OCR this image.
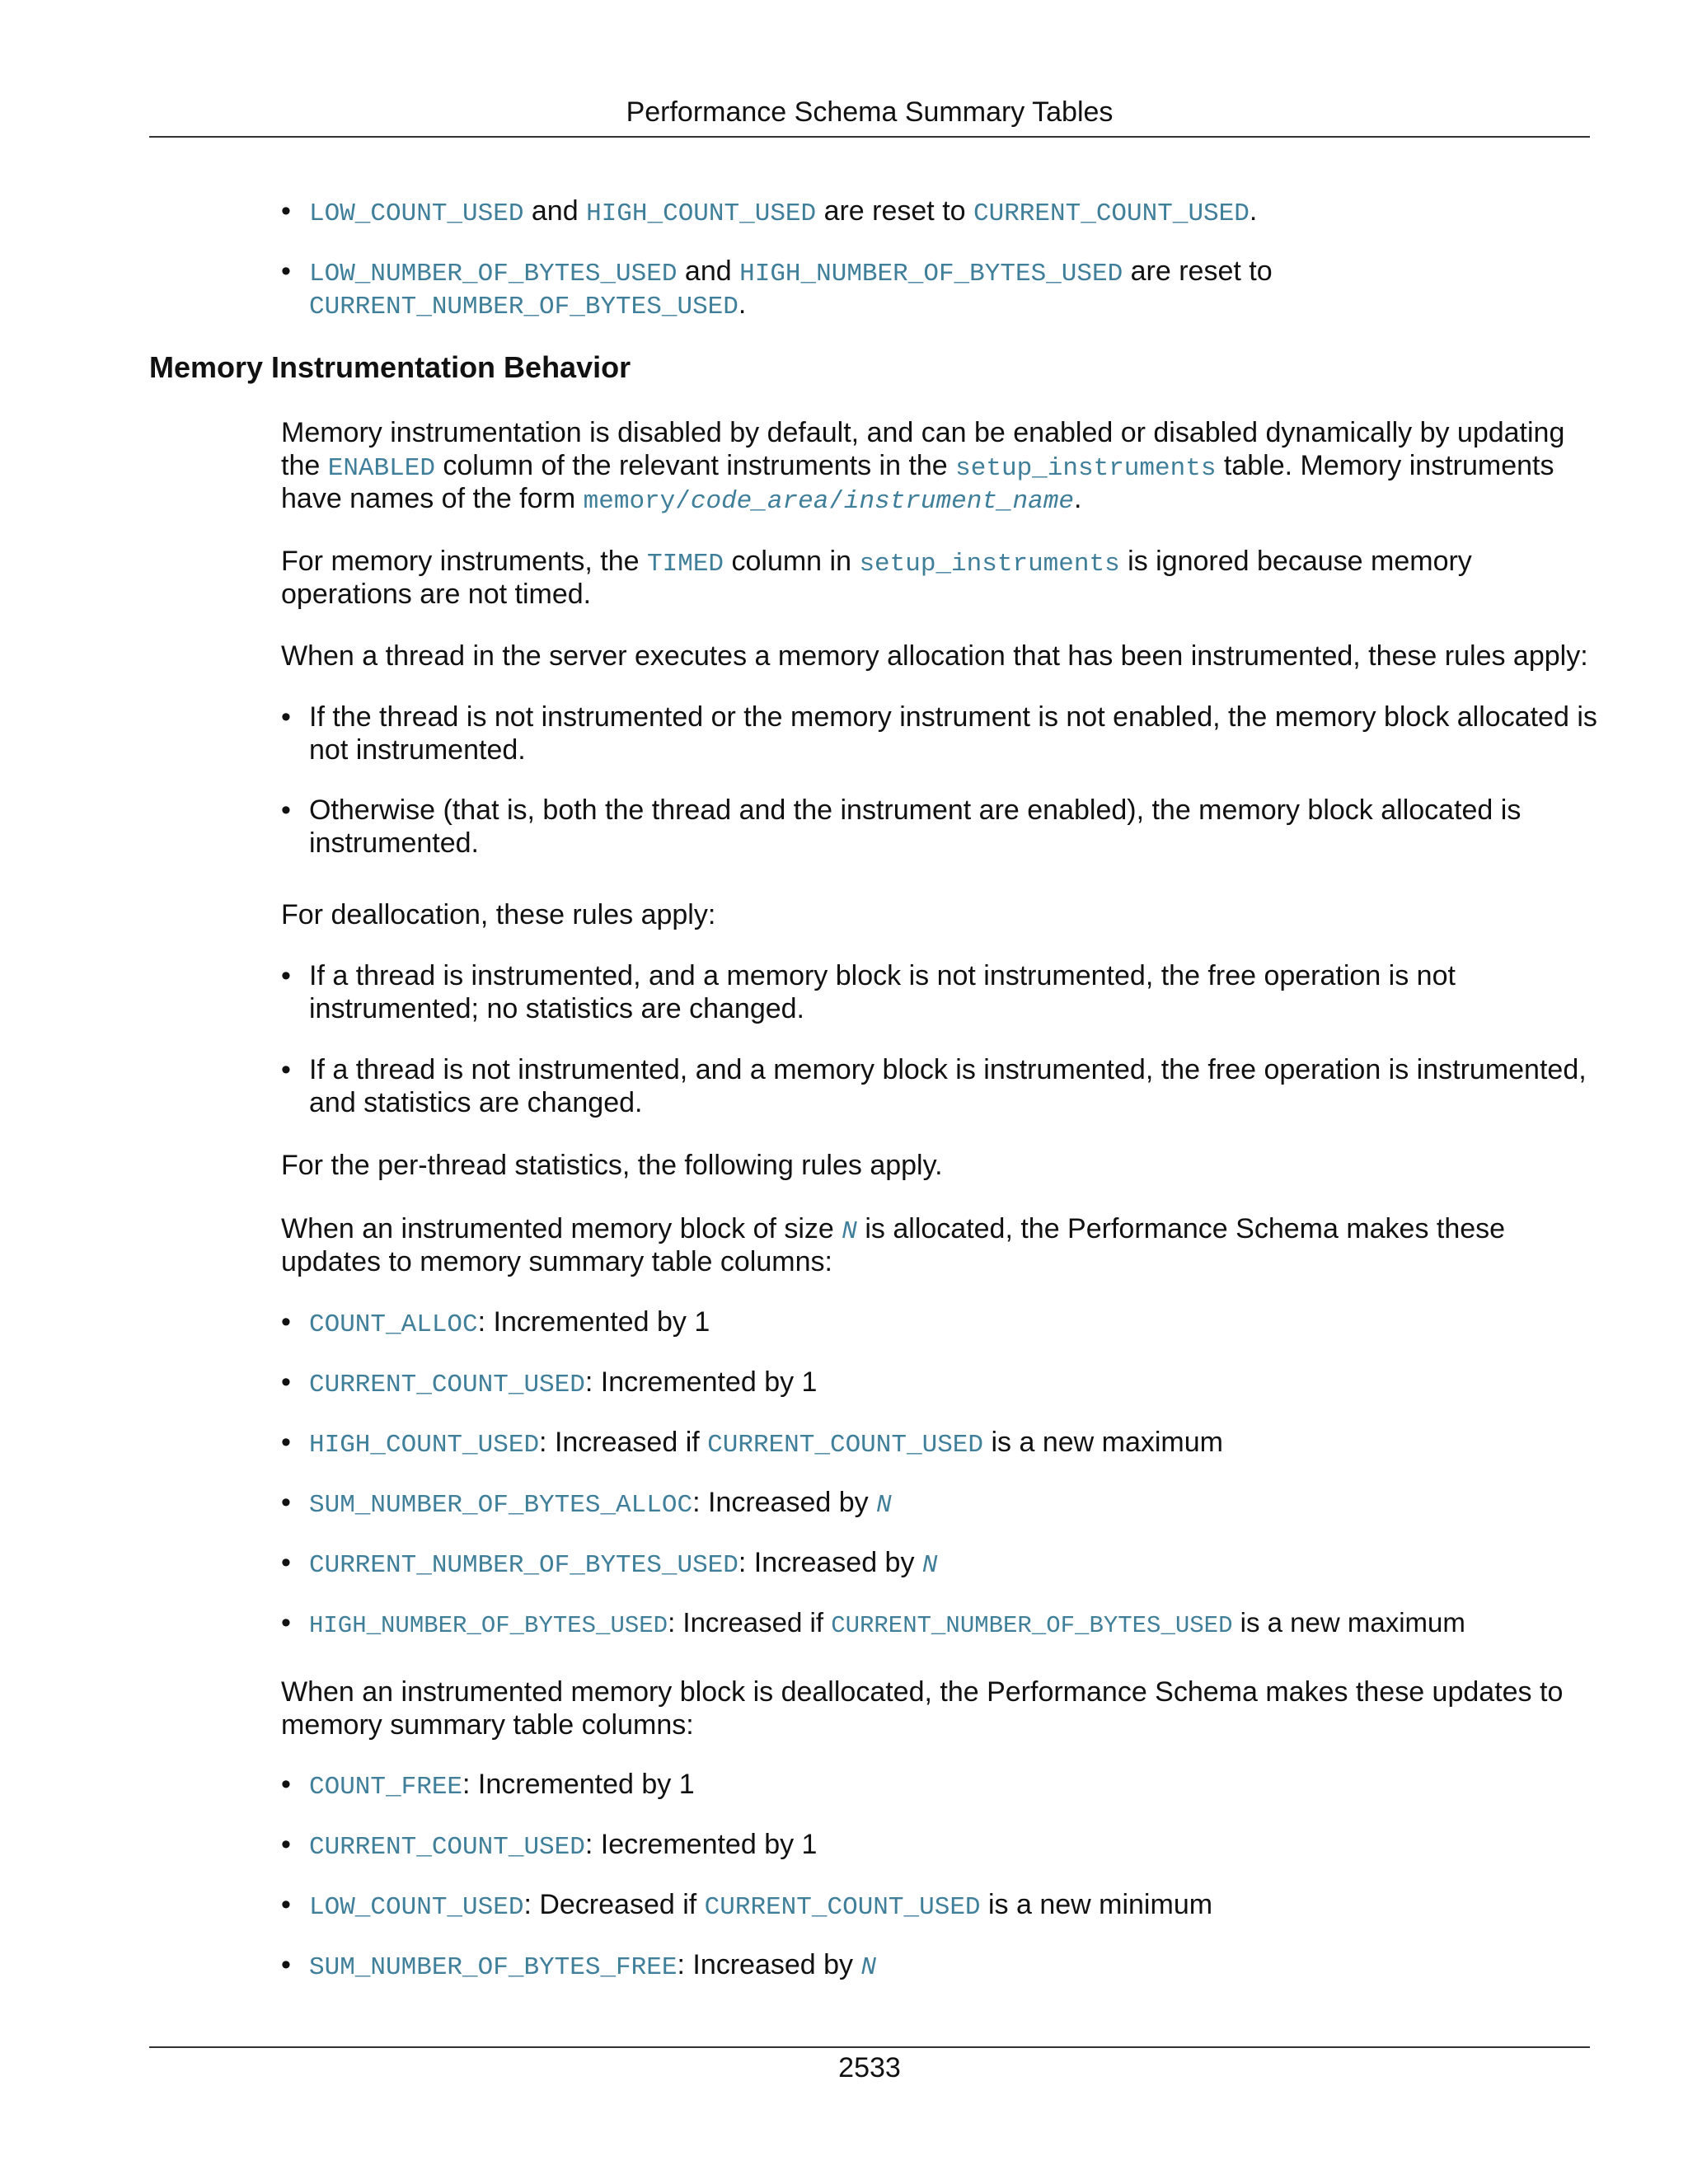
Performance Schema Summary Tables
• LOW_COUNT_USED and HIGH_COUNT_USED are reset to CURRENT_COUNT_USED.
• LOW_NUMBER_OF_BYTES_USED and HIGH_NUMBER_OF_BYTES_USED are reset to
CURRENT_NUMBER_OF_BYTES_USED.
Memory Instrumentation Behavior
Memory instrumentation is disabled by default, and can be enabled or disabled dynamically by updating
the ENABLED column of the relevant instruments in the setup_instruments table. Memory instruments
have names of the form memory/code_area/instrument_name.
For memory instruments, the TIMED column in setup_instruments is ignored because memory
operations are not timed.
When a thread in the server executes a memory allocation that has been instrumented, these rules apply:
• If the thread is not instrumented or the memory instrument is not enabled, the memory block allocated is
not instrumented.
• Otherwise (that is, both the thread and the instrument are enabled), the memory block allocated is
instrumented.
For deallocation, these rules apply:
• If a thread is instrumented, and a memory block is not instrumented, the free operation is not
instrumented; no statistics are changed.
• If a thread is not instrumented, and a memory block is instrumented, the free operation is instrumented,
and statistics are changed.
For the per-thread statistics, the following rules apply.
When an instrumented memory block of size N is allocated, the Performance Schema makes these
updates to memory summary table columns:
• COUNT_ALLOC: Incremented by 1
• CURRENT_COUNT_USED: Incremented by 1
• HIGH_COUNT_USED: Increased if CURRENT_COUNT_USED is a new maximum
• SUM_NUMBER_OF_BYTES_ALLOC: Increased by N
• CURRENT_NUMBER_OF_BYTES_USED: Increased by N
• HIGH_NUMBER_OF_BYTES_USED: Increased if CURRENT_NUMBER_OF_BYTES_USED is a new maximum
When an instrumented memory block is deallocated, the Performance Schema makes these updates to
memory summary table columns:
• COUNT_FREE: Incremented by 1
• CURRENT_COUNT_USED: Iecremented by 1
• LOW_COUNT_USED: Decreased if CURRENT_COUNT_USED is a new minimum
• SUM_NUMBER_OF_BYTES_FREE: Increased by N
2533
